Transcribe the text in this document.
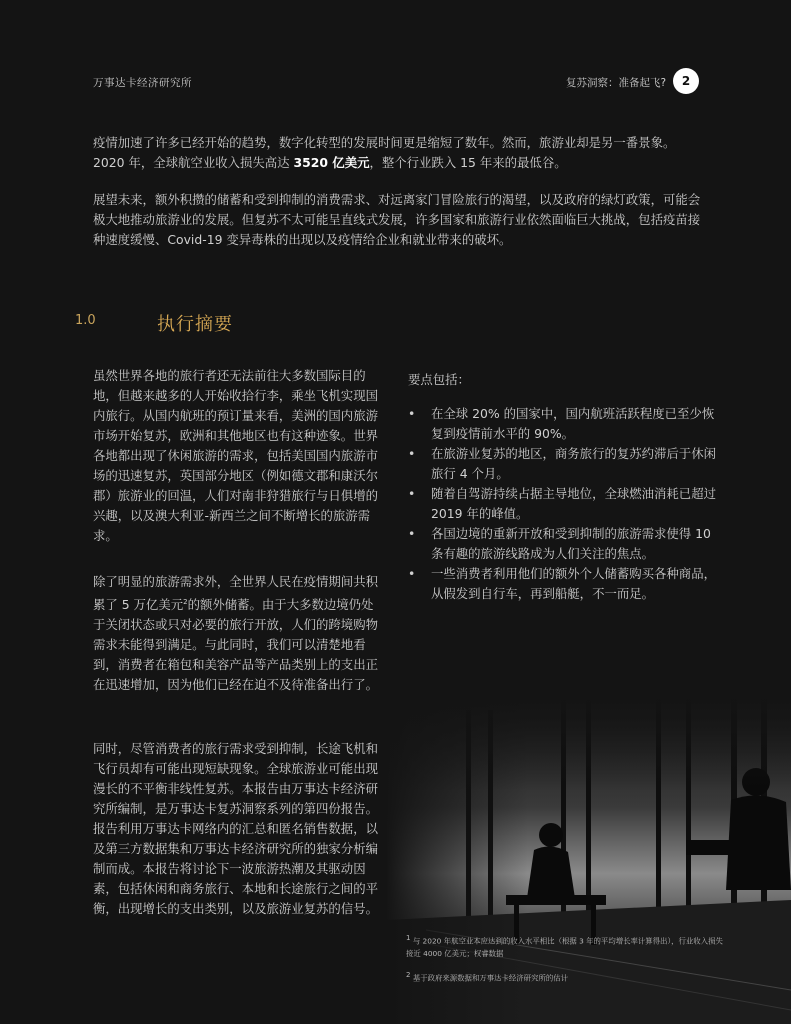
万事达卡经济研究所	复苏洞察：准备起飞?	2

疫情加速了许多已经开始的趋势，数字化转型的发展时间更是缩短了数年。然而，旅游业却是另一番景象。2020 年，全球航空业收入损失高达 3520 亿美元，整个行业跌入 15 年来的最低谷。

展望未来，额外积攒的储蓄和受到抑制的消费需求、对远离家门冒险旅行的渴望，以及政府的绿灯政策，可能会极大地推动旅游业的发展。但复苏不太可能呈直线式发展，许多国家和旅游行业依然面临巨大挑战，包括疫苗接种速度缓慢、Covid-19 变异毒株的出现以及疫情给企业和就业带来的破坏。

1.0	执行摘要

虽然世界各地的旅行者还无法前往大多数国际目的地，但越来越多的人开始收拾行李，乘坐飞机实现国内旅行。从国内航班的预订量来看，美洲的国内旅游市场开始复苏，欧洲和其他地区也有这种迹象。世界各地都出现了休闲旅游的需求，包括美国国内旅游市场的迅速复苏，英国部分地区（例如德文郡和康沃尔郡）旅游业的回温，人们对南非狩猎旅行与日俱增的兴趣，以及澳大利亚-新西兰之间不断增长的旅游需求。

除了明显的旅游需求外，全世界人民在疫情期间共积累了 5 万亿美元$^2$的额外储蓄。由于大多数边境仍处于关闭状态或只对必要的旅行开放，人们的跨境购物需求未能得到满足。与此同时，我们可以清楚地看到，消费者在箱包和美容产品等产品类别上的支出正在迅速增加，因为他们已经在迫不及待准备出行了。

同时，尽管消费者的旅行需求受到抑制，长途飞机和飞行员却有可能出现短缺现象。全球旅游业可能出现漫长的不平衡非线性复苏。本报告由万事达卡经济研究所编制，是万事达卡复苏洞察系列的第四份报告。报告利用万事达卡网络内的汇总和匿名销售数据，以及第三方数据集和万事达卡经济研究所的独家分析编制而成。本报告将讨论下一波旅游热潮及其驱动因素，包括休闲和商务旅行、本地和长途旅行之间的平衡，出现增长的支出类别，以及旅游业复苏的信号。

要点包括：
• 在全球 20% 的国家中，国内航班活跃程度已至少恢复到疫情前水平的 90%。
• 在旅游业复苏的地区，商务旅行的复苏约滞后于休闲旅行 4 个月。
• 随着自驾游持续占据主导地位，全球燃油消耗已超过 2019 年的峰值。
• 各国边境的重新开放和受到抑制的旅游需求使得 10 条有趣的旅游线路成为人们关注的焦点。
• 一些消费者利用他们的额外个人储蓄购买各种商品，从假发到自行车，再到船艇，不一而足。

$^1$ 与 2020 年航空业本应达到的收入水平相比（根据 3 年的平均增长率计算得出），行业收入损失接近 4000 亿美元；权睿数据

$^2$ 基于政府来源数据和万事达卡经济研究所的估计
